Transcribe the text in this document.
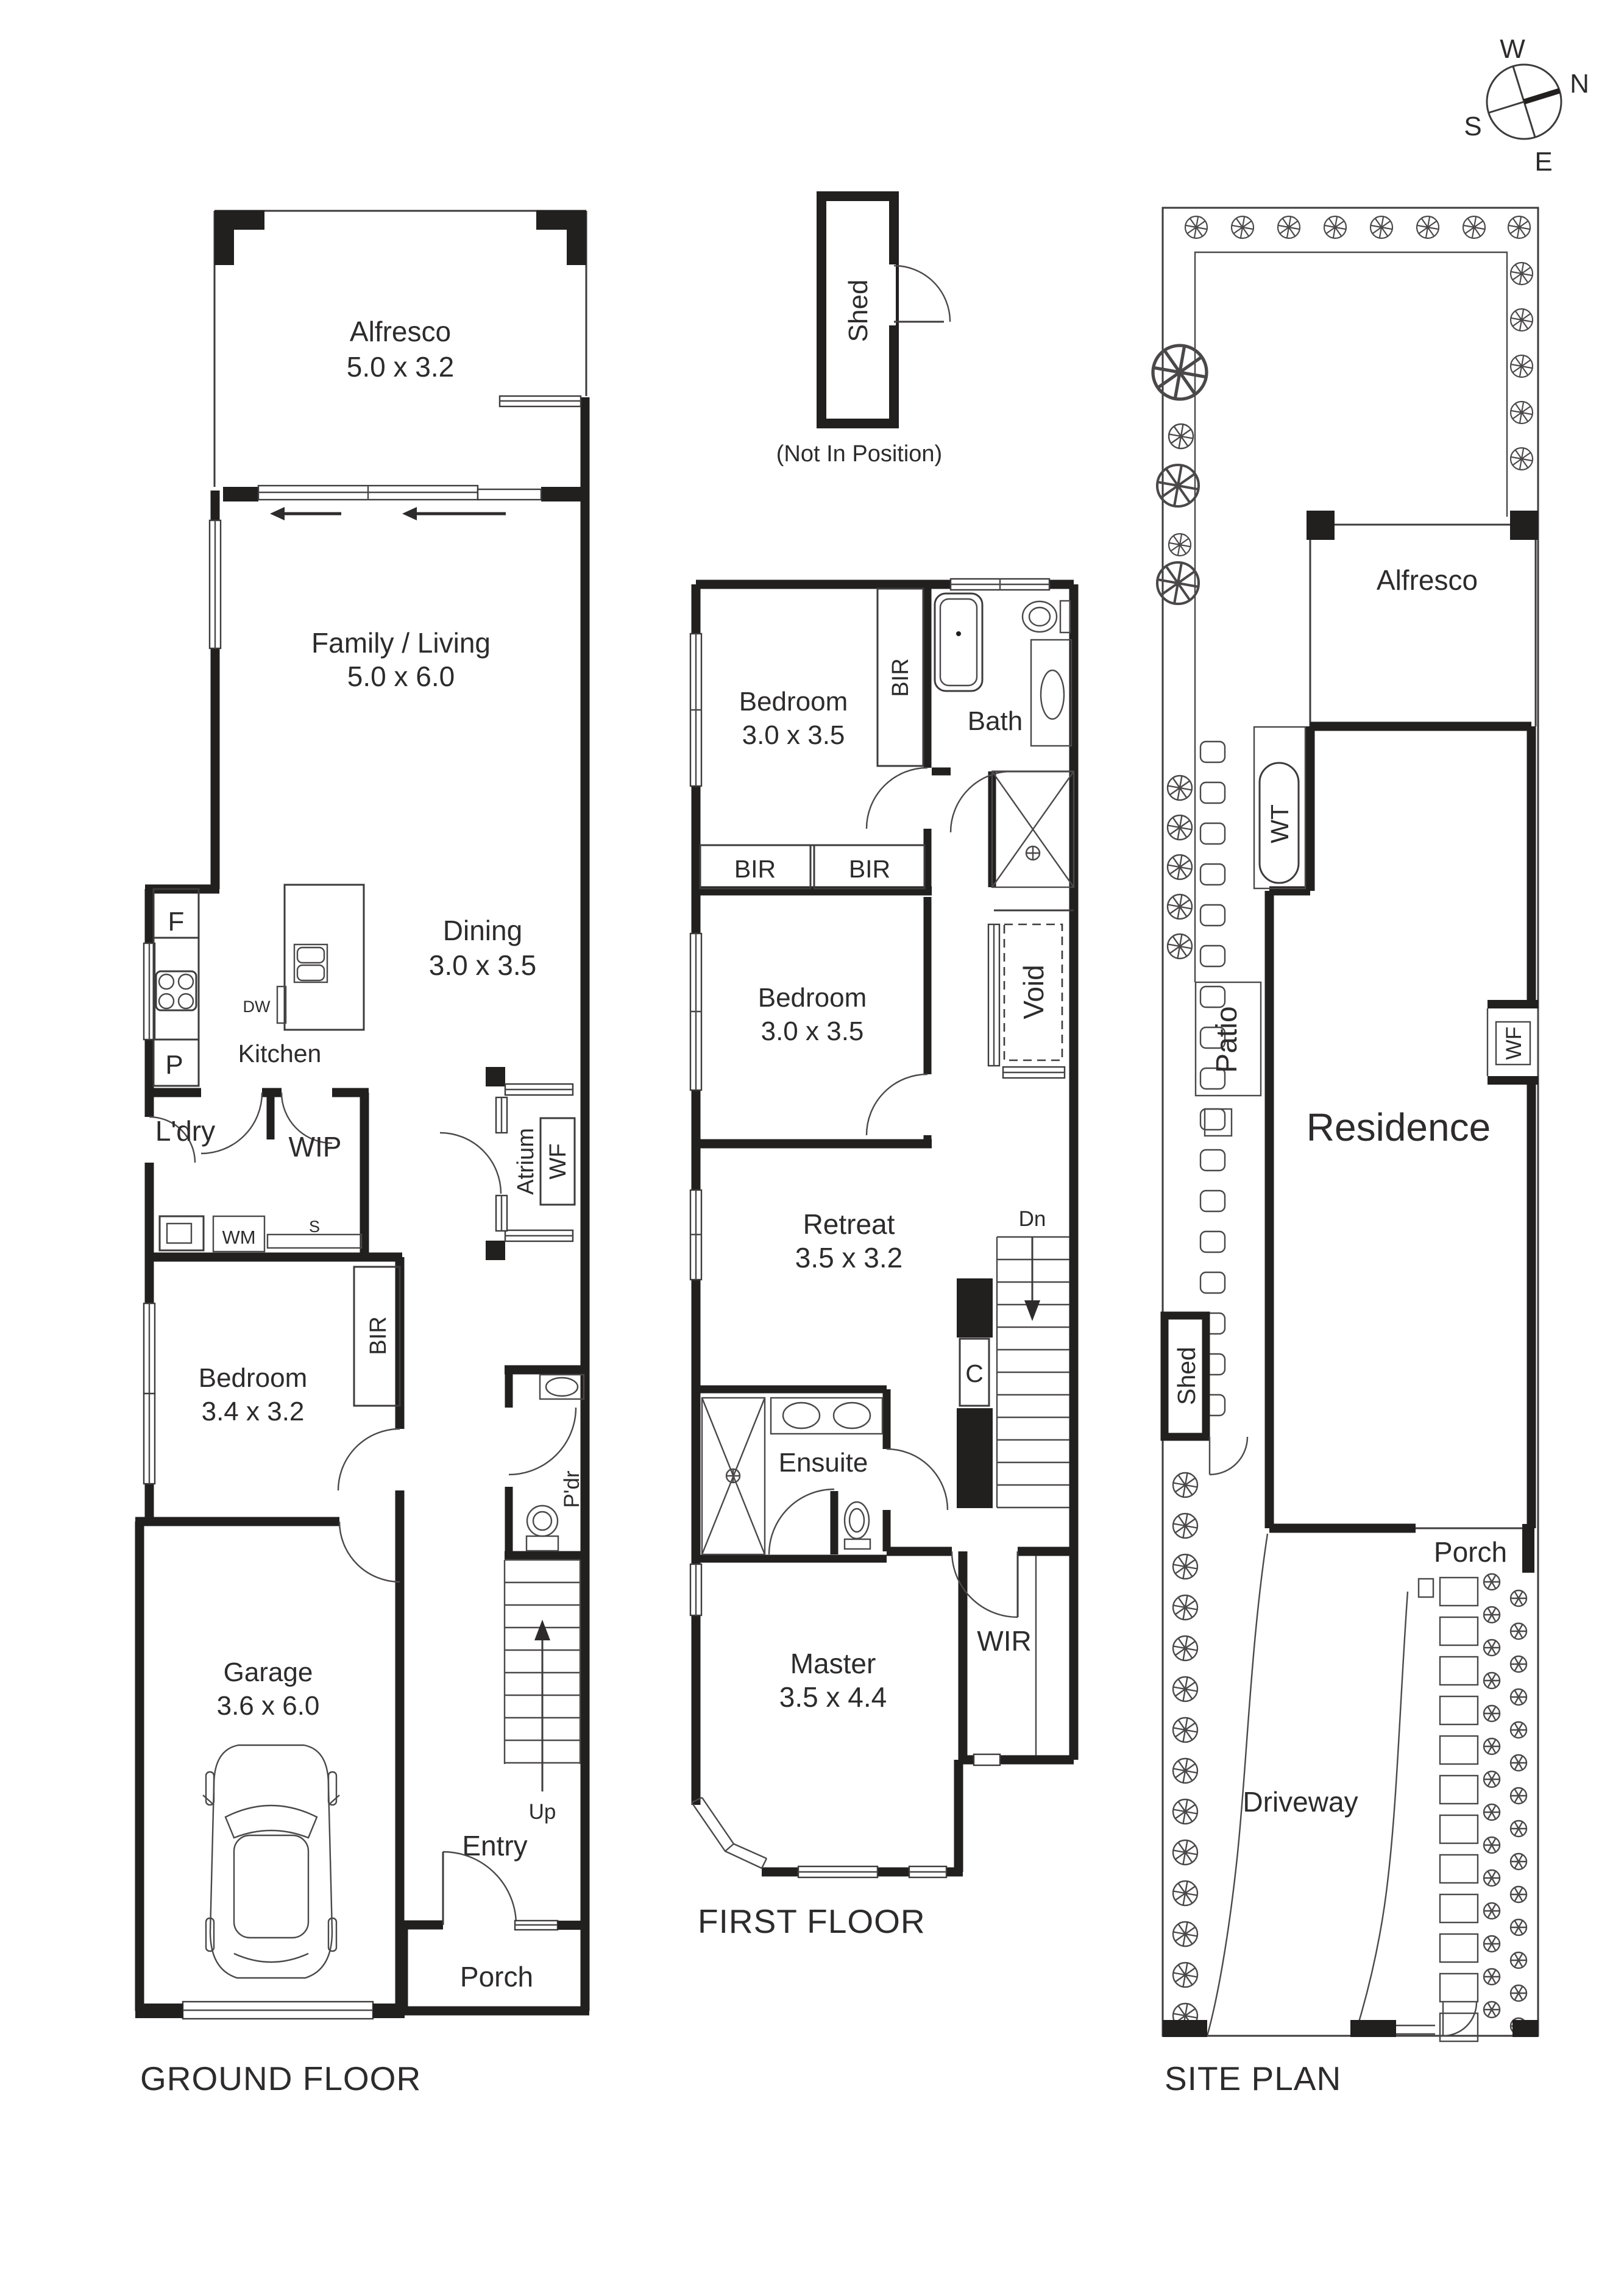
W
N
S
E
Shed
(Not In Position)
Alfresco
5.0 x 3.2
F
P
DW
Kitchen
Dining
3.0 x 3.5
Family / Living
5.0 x 6.0
WF
Atrium
L'dry
WM
WIP
S
BIR
Bedroom
3.4 x 3.2
Garage
3.6 x 6.0
P'dr
Up
Entry
Porch
GROUND FLOOR
Bedroom
3.0 x 3.5
BIR
Bath
BIR	BIR
Bedroom
3.0 x 3.5
Void
Retreat
3.5 x 3.2
Dn
C
Ensuite
Master
3.5 x 4.4
WIR
FIRST FLOOR
Alfresco
Residence
Porch
WT
Patio	WF
Shed
Driveway
SITE PLAN
